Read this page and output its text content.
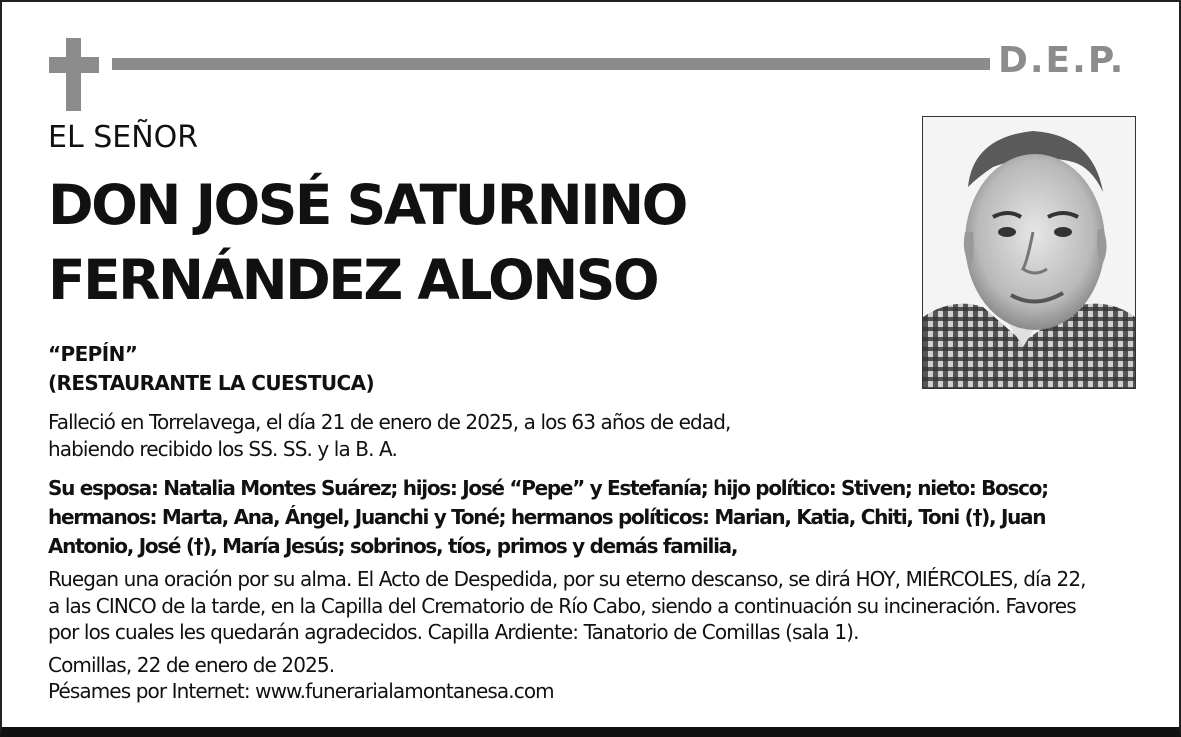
D.E.P.
EL SEÑOR
DON JOSÉ SATURNINO
FERNÁNDEZ ALONSO
“PEPÍN”
(RESTAURANTE LA CUESTUCA)
Falleció en Torrelavega, el día 21 de enero de 2025, a los 63 años de edad,
habiendo recibido los SS. SS. y la B. A.
Su esposa: Natalia Montes Suárez; hijos: José “Pepe” y Estefanía; hijo político: Stiven; nieto: Bosco;
hermanos: Marta, Ana, Ángel, Juanchi y Toné; hermanos políticos: Marian, Katia, Chiti, Toni (†), Juan
Antonio, José (†), María Jesús; sobrinos, tíos, primos y demás familia,
Ruegan una oración por su alma. El Acto de Despedida, por su eterno descanso, se dirá HOY, MIÉRCOLES, día 22,
a las CINCO de la tarde, en la Capilla del Crematorio de Río Cabo, siendo a continuación su incineración. Favores
por los cuales les quedarán agradecidos. Capilla Ardiente: Tanatorio de Comillas (sala 1).
Comillas, 22 de enero de 2025.
Pésames por Internet: www.funerarialamontanesa.com
